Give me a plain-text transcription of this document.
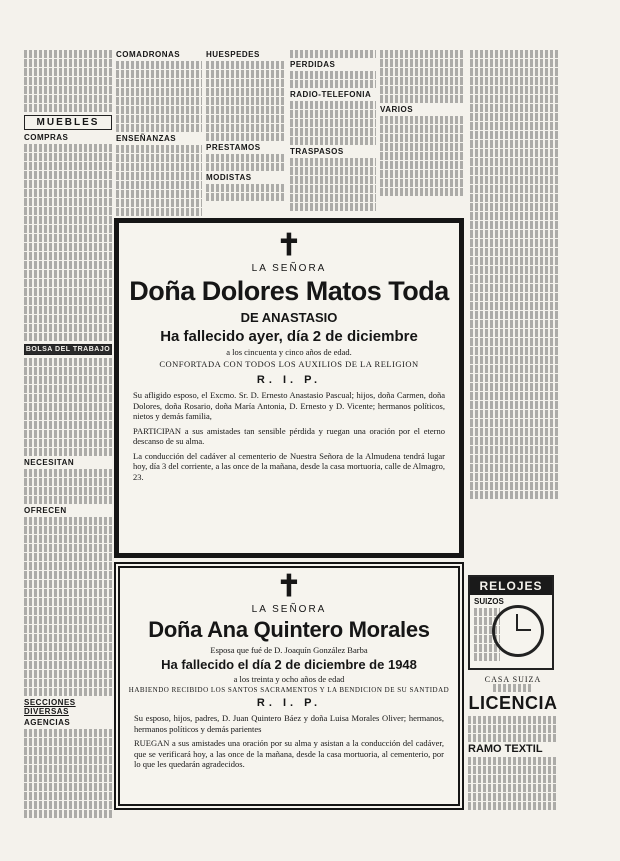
MUEBLES
COMPRAS
BOLSA DEL TRABAJO
NECESITAN
OFRECEN
SECCIONES DIVERSAS
AGENCIAS
COMADRONAS
ENSEÑANZAS
HUESPEDES
PRESTAMOS
MODISTAS
PERDIDAS
RADIO-TELEFONIA
TRASPASOS
VARIOS
✝
LA SEÑORA
Doña Dolores Matos Toda
DE ANASTASIO
Ha fallecido ayer, día 2 de diciembre
a los cincuenta y cinco años de edad.
CONFORTADA CON TODOS LOS AUXILIOS DE LA RELIGION
R. I. P.
Su afligido esposo, el Excmo. Sr. D. Ernesto Anastasio Pascual; hijos, doña Carmen, doña Dolores, doña Rosario, doña María Antonia, D. Ernesto y D. Vicente; hermanos políticos, nietos y demás familia,
PARTICIPAN a sus amistades tan sensible pérdida y ruegan una oración por el eterno descanso de su alma.
La conducción del cadáver al cementerio de Nuestra Señora de la Almudena tendrá lugar hoy, día 3 del corriente, a las once de la mañana, desde la casa mortuoria, calle de Almagro, 23.
✝
LA SEÑORA
Doña Ana Quintero Morales
Esposa que fué de D. Joaquín González Barba
Ha fallecido el día 2 de diciembre de 1948
a los treinta y ocho años de edad
HABIENDO RECIBIDO LOS SANTOS SACRAMENTOS Y LA BENDICION DE SU SANTIDAD
R. I. P.
Su esposo, hijos, padres, D. Juan Quintero Báez y doña Luisa Morales Oliver; hermanos, hermanos políticos y demás parientes
RUEGAN a sus amistades una oración por su alma y asistan a la conducción del cadáver, que se verificará hoy, a las once de la mañana, desde la casa mortuoria, al cementerio, por lo que les quedarán agradecidos.
RELOJES
SUIZOS
CASA SUIZA
LICENCIA
RAMO TEXTIL
